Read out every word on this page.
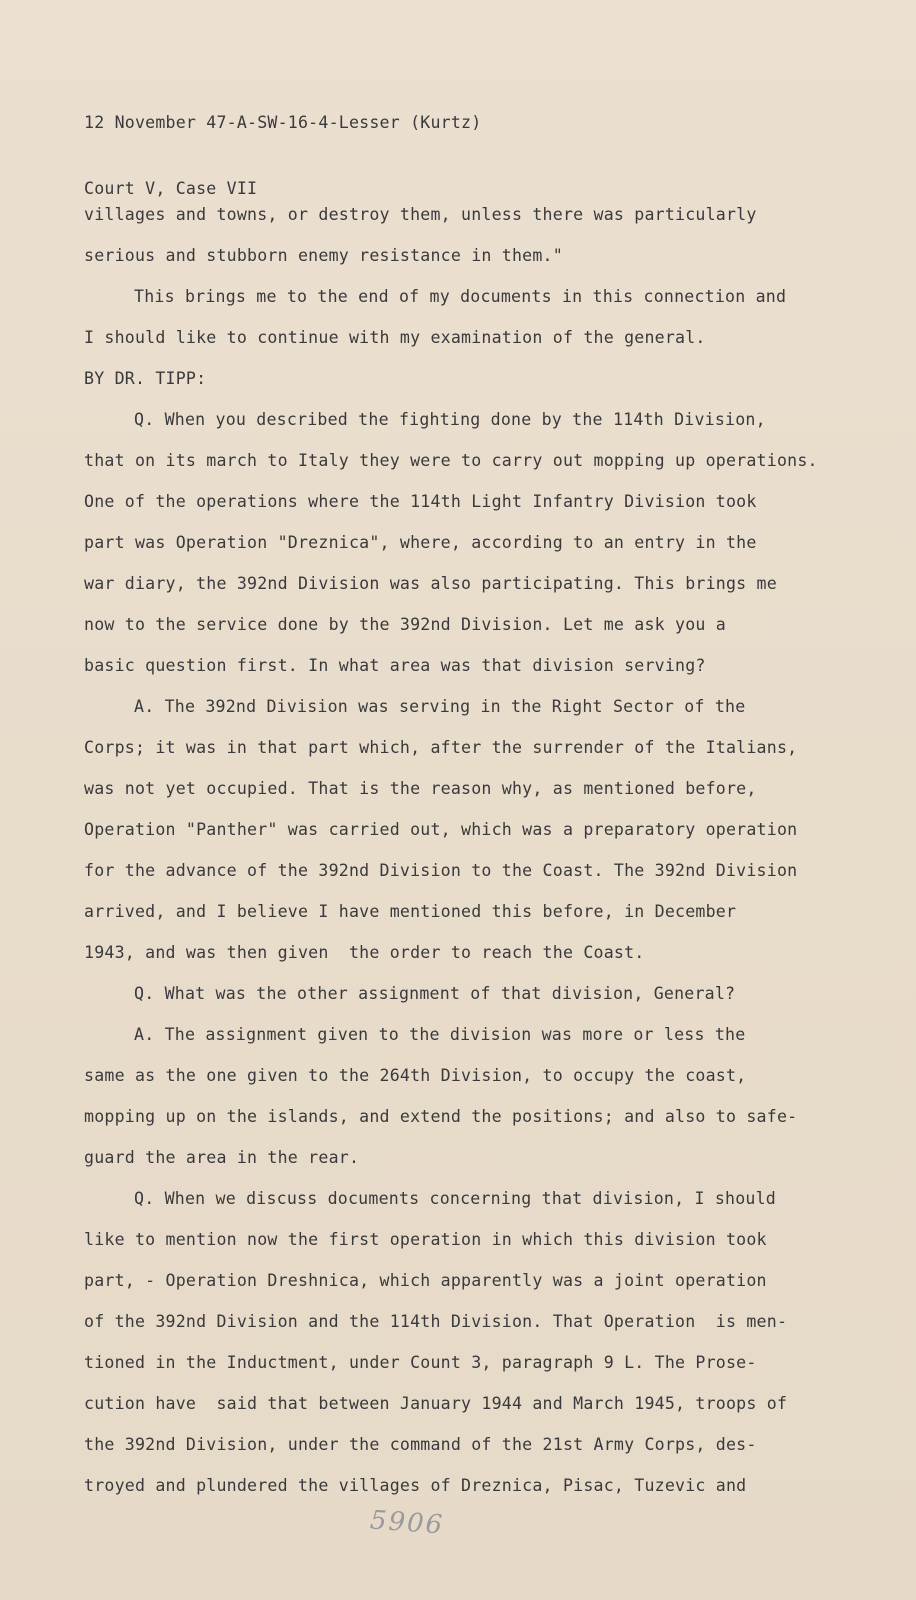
12 November 47-A-SW-16-4-Lesser (Kurtz)

Court V, Case VII

villages and towns, or destroy them, unless there was particularly
serious and stubborn enemy resistance in them."
This brings me to the end of my documents in this connection and
I should like to continue with my examination of the general.
BY DR. TIPP:
Q. When you described the fighting done by the 114th Division,
that on its march to Italy they were to carry out mopping up operations.
One of the operations where the 114th Light Infantry Division took
part was Operation "Dreznica", where, according to an entry in the
war diary, the 392nd Division was also participating. This brings me
now to the service done by the 392nd Division. Let me ask you a
basic question first. In what area was that division serving?
A. The 392nd Division was serving in the Right Sector of the
Corps; it was in that part which, after the surrender of the Italians,
was not yet occupied. That is the reason why, as mentioned before,
Operation "Panther" was carried out, which was a preparatory operation
for the advance of the 392nd Division to the Coast. The 392nd Division
arrived, and I believe I have mentioned this before, in December
1943, and was then given  the order to reach the Coast.
Q. What was the other assignment of that division, General?
A. The assignment given to the division was more or less the
same as the one given to the 264th Division, to occupy the coast,
mopping up on the islands, and extend the positions; and also to safe-
guard the area in the rear.
Q. When we discuss documents concerning that division, I should
like to mention now the first operation in which this division took
part, - Operation Dreshnica, which apparently was a joint operation
of the 392nd Division and the 114th Division. That Operation  is men-
tioned in the Inductment, under Count 3, paragraph 9 L. The Prose-
cution have  said that between January 1944 and March 1945, troops of
the 392nd Division, under the command of the 21st Army Corps, des-
troyed and plundered the villages of Dreznica, Pisac, Tuzevic and
5906
